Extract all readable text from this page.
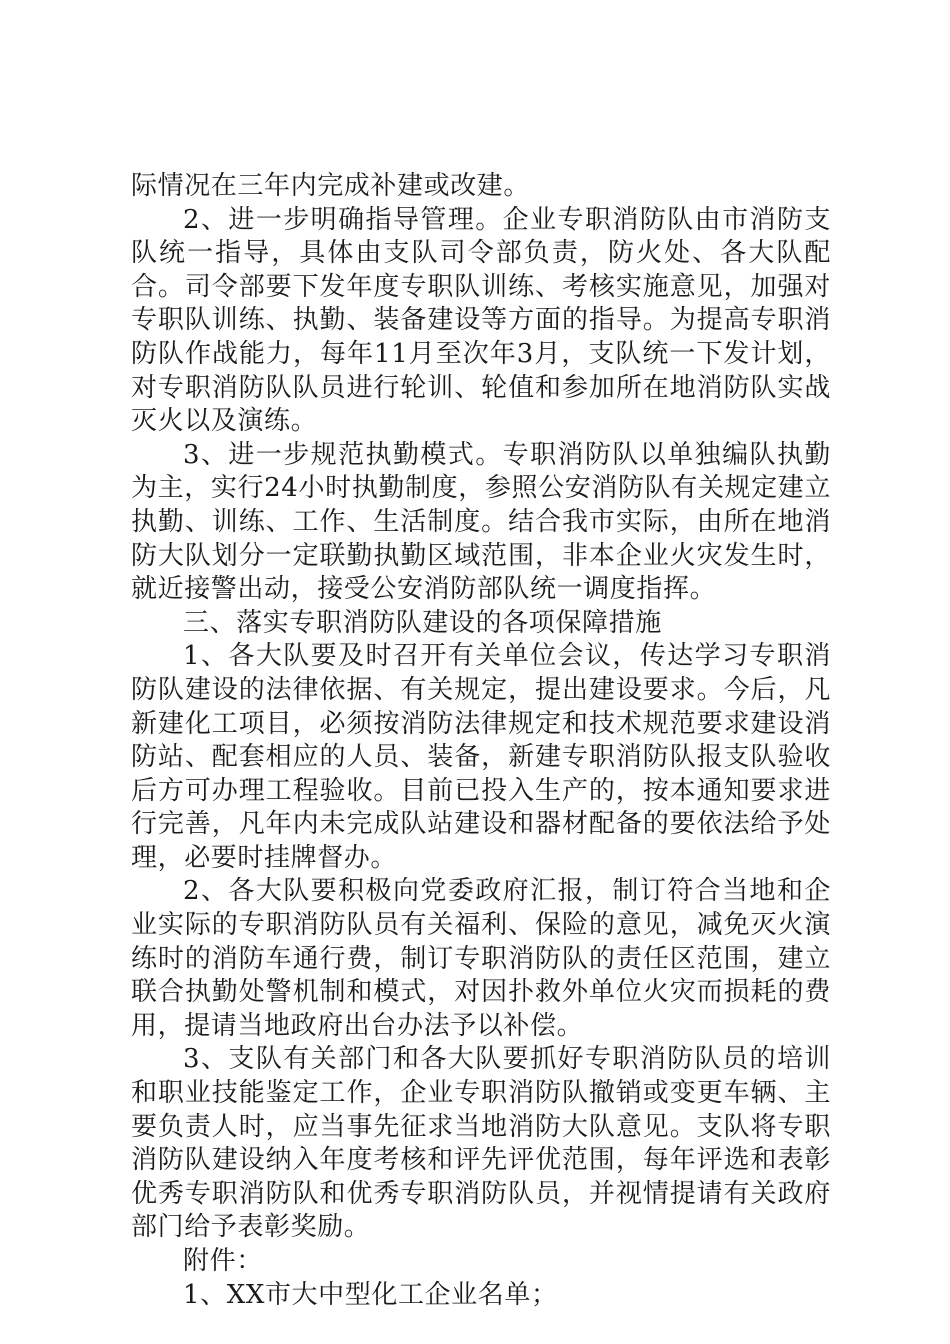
际情况在三年内完成补建或改建。

2、进一步明确指导管理。企业专职消防队由市消防支队统一指导，具体由支队司令部负责，防火处、各大队配合。司令部要下发年度专职队训练、考核实施意见，加强对专职队训练、执勤、装备建设等方面的指导。为提高专职消防队作战能力，每年11月至次年3月，支队统一下发计划，对专职消防队队员进行轮训、轮值和参加所在地消防队实战灭火以及演练。

3、进一步规范执勤模式。专职消防队以单独编队执勤为主，实行24小时执勤制度，参照公安消防队有关规定建立执勤、训练、工作、生活制度。结合我市实际，由所在地消防大队划分一定联勤执勤区域范围，非本企业火灾发生时，就近接警出动，接受公安消防部队统一调度指挥。

三、落实专职消防队建设的各项保障措施

1、各大队要及时召开有关单位会议，传达学习专职消防队建设的法律依据、有关规定，提出建设要求。今后，凡新建化工项目，必须按消防法律规定和技术规范要求建设消防站、配套相应的人员、装备，新建专职消防队报支队验收后方可办理工程验收。目前已投入生产的，按本通知要求进行完善，凡年内未完成队站建设和器材配备的要依法给予处理，必要时挂牌督办。

2、各大队要积极向党委政府汇报，制订符合当地和企业实际的专职消防队员有关福利、保险的意见，减免灭火演练时的消防车通行费，制订专职消防队的责任区范围，建立联合执勤处警机制和模式，对因扑救外单位火灾而损耗的费用，提请当地政府出台办法予以补偿。

3、支队有关部门和各大队要抓好专职消防队员的培训和职业技能鉴定工作，企业专职消防队撤销或变更车辆、主要负责人时，应当事先征求当地消防大队意见。支队将专职消防队建设纳入年度考核和评先评优范围，每年评选和表彰优秀专职消防队和优秀专职消防队员，并视情提请有关政府部门给予表彰奖励。

附件：

1、XX市大中型化工企业名单；
